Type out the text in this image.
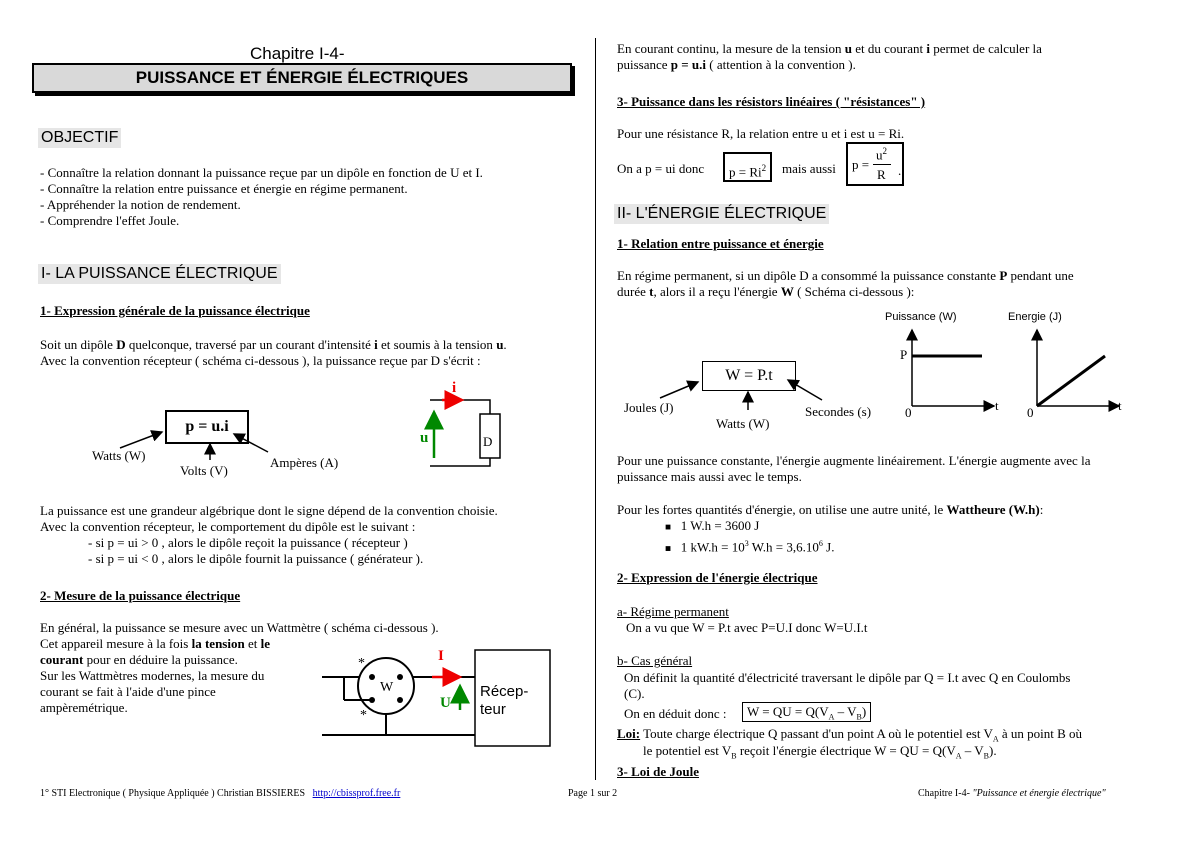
Chapitre I-4-
PUISSANCE ET ÉNERGIE ÉLECTRIQUES
OBJECTIF
- Connaître la relation donnant la puissance reçue par un dipôle en fonction de U et I.
- Connaître la relation entre puissance et énergie en régime permanent.
- Appréhender la notion de rendement.
- Comprendre l'effet Joule.
I- LA PUISSANCE ÉLECTRIQUE
1- Expression générale de la puissance électrique
Soit un dipôle D quelconque, traversé par un courant d'intensité i et soumis à la tension u.
Avec la convention récepteur ( schéma ci-dessous ), la puissance reçue par D s'écrit :
p = u.i
Watts (W)
Volts (V)
Ampères (A)
i
u	D
La puissance est une grandeur algébrique dont le signe dépend de la convention choisie.
Avec la convention récepteur, le comportement du dipôle est le suivant :
- si p = ui > 0 , alors le dipôle reçoit la puissance ( récepteur )
- si p = ui < 0 , alors le dipôle fournit la puissance ( générateur ).
2- Mesure de la puissance électrique
En général, la puissance se mesure avec un Wattmètre ( schéma ci-dessous ).
Cet appareil mesure à la fois la tension et le
courant pour en déduire la puissance.
Sur les Wattmètres modernes, la mesure du
courant se fait à l'aide d'une pince
ampèremétrique.
W
*
*
I
U
Récep-
teur
En courant continu, la mesure de la tension u et du courant i permet de calculer la
puissance p = u.i ( attention à la convention ).
3- Puissance dans les résistors linéaires ( "résistances" )
Pour une résistance R, la relation entre u et i est u = Ri.
On a p = ui donc	$p = Ri^2$	mais aussi p =
$u^2$
R .
II- L'ÉNERGIE ÉLECTRIQUE
1- Relation entre puissance et énergie
En régime permanent, si un dipôle D a consommé la puissance constante P pendant une
durée t, alors il a reçu l'énergie W ( Schéma ci-dessous ):
W = P.t
Joules (J)
Watts (W)
Secondes (s)
Puissance (W)
P
0	t
Energie (J)
0	t
Pour une puissance constante, l'énergie augmente linéairement. L'énergie augmente avec la
puissance mais aussi avec le temps.
Pour les fortes quantités d'énergie, on utilise une autre unité, le Wattheure (W.h):
■ 1 W.h = 3600 J
■ 1 $kW.h = 10^3$ $W.h = 3,6.10^6$ J.
2- Expression de l'énergie électrique
a- Régime permanent
On a vu que W = P.t avec P=U.I donc W=U.I.t
b- Cas général
On définit la quantité d'électricité traversant le dipôle par Q = I.t avec Q en Coulombs
(C).
On en déduit donc :	W = QU = $Q(V_A - V_B)$
Loi: Toute charge électrique Q passant d'un point A où le potentiel est $V_A$ à un point B où
le potentiel est $V_B$ reçoit l'énergie électrique W = QU = $Q(V_A - V_B)$.
3- Loi de Joule
1° STI Electronique ( Physique Appliquée ) Christian BISSIERES http://cbissprof.free.fr	Page 1 sur 2	Chapitre I-4- "Puissance et énergie électrique"
